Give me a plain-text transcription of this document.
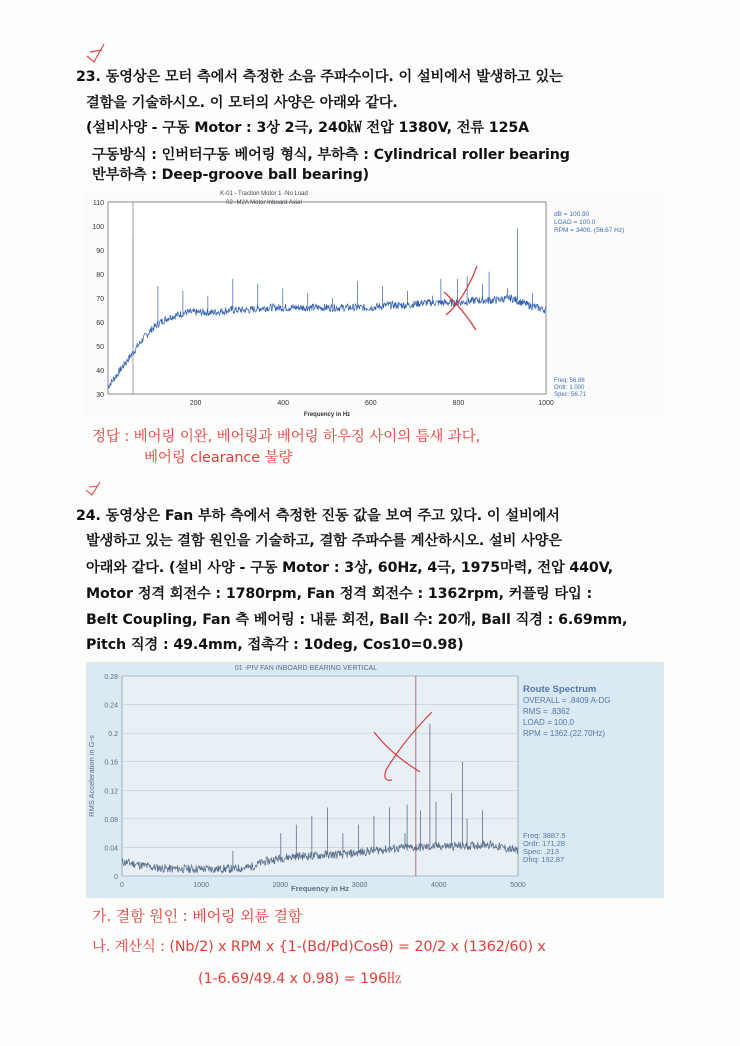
23. 동영상은 모터 측에서 측정한 소음 주파수이다. 이 설비에서 발생하고 있는
결함을 기술하시오. 이 모터의 사양은 아래와 같다.
(설비사양 - 구동 Motor : 3상 2극, 240㎾ 전압 1380V, 전류 125A
구동방식 : 인버터구동 베어링 형식, 부하측 : Cylindrical roller bearing
반부하측 : Deep-groove ball bearing)
30
40
50
60
70
80
90
100
110
200	400	600	800	1000
K-01 - Traction Motor 1 -No Load
02 -M2A Motor Inboard Axial
Frequency in Hz
dB = 100.90
LOAD = 100.0
RPM = 3400. (56.67 Hz)
Freq: 56.86
Ordr: 1.000
Spec: 56.71
정답 : 베어링 이완, 베어링과 베어링 하우징 사이의 틈새 과다,
베어링 clearance 불량
24. 동영상은 Fan 부하 측에서 측정한 진동 값을 보여 주고 있다. 이 설비에서
발생하고 있는 결함 원인을 기술하고, 결함 주파수를 계산하시오. 설비 사양은
아래와 같다. (설비 사양 - 구동 Motor : 3상, 60Hz, 4극, 1975마력, 전압 440V,
Motor 정격 회전수 : 1780rpm, Fan 정격 회전수 : 1362rpm, 커플링 타입 :
Belt Coupling, Fan 측 베어링 : 내륜 회전, Ball 수: 20개, Ball 직경 : 6.69mm,
Pitch 직경 : 49.4mm, 접촉각 : 10deg, Cos10=0.98)
0
0.04
0.08
0.12
0.16
0.2
0.24
0.28
0	1000	2000	3000	4000	5000
01 -PIV FAN INBOARD BEARING VERTICAL
Frequency in Hz
RMS Acceleration in G-s
Route Spectrum
OVERALL = .8409 A-DG
RMS = .8362
LOAD = 100.0
RPM = 1362.(22.70Hz)
Freq: 3887.5
Ordr: 171.28
Spec: .213
Dfrq: 192.87
가. 결함 원인 : 베어링 외륜 결함
나. 계산식 : (Nb/2) x RPM x {1-(Bd/Pd)Cosθ) = 20/2 x (1362/60) x
(1-6.69/49.4 x 0.98) = 196㎐
